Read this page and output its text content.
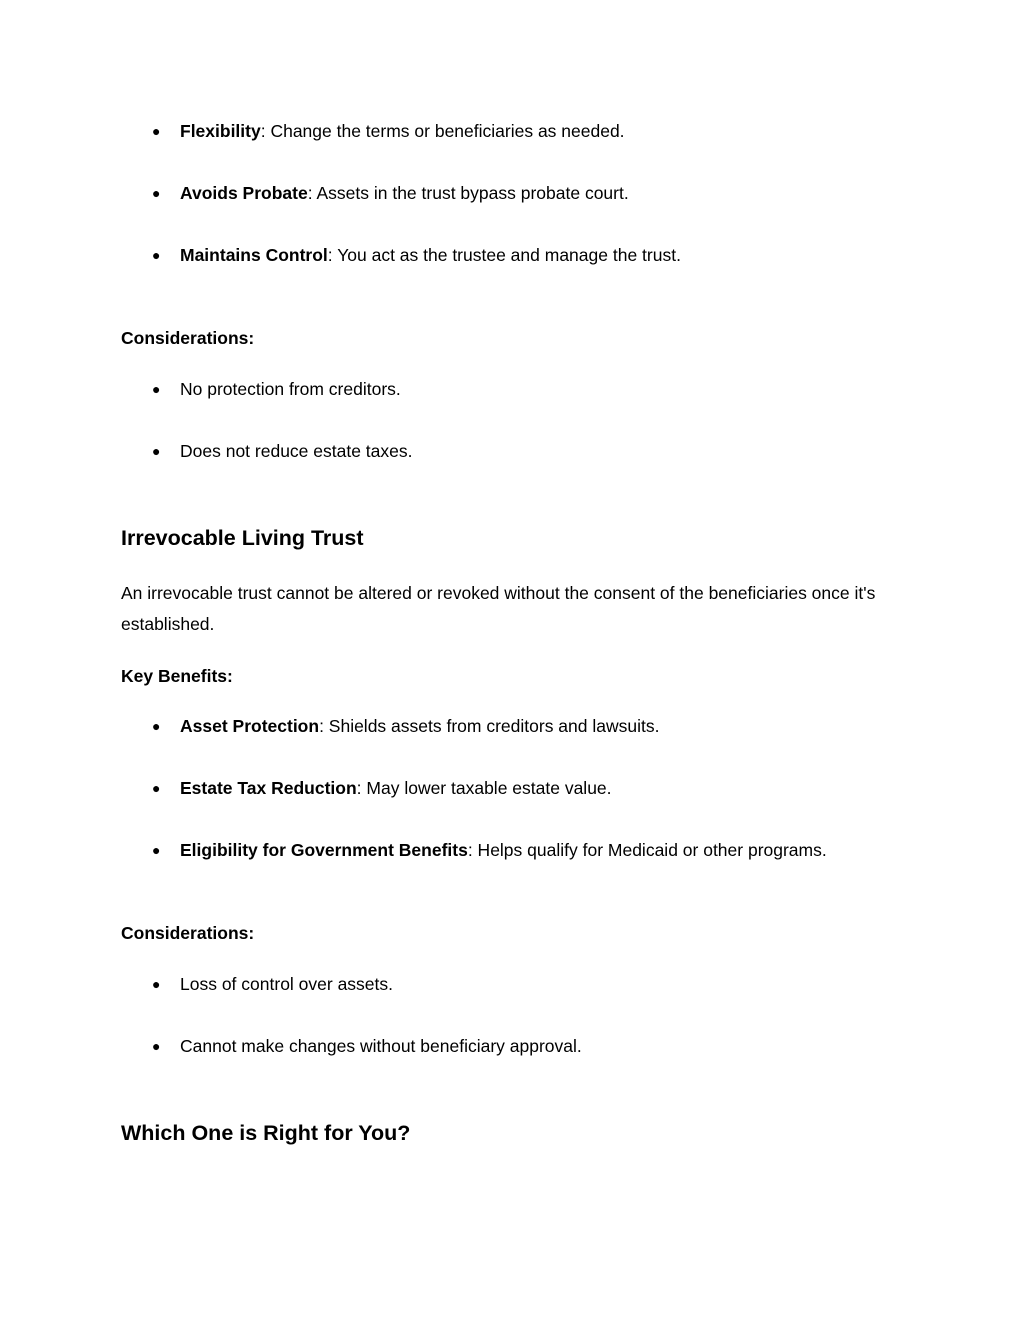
● Flexibility: Change the terms or beneficiaries as needed.
● Avoids Probate: Assets in the trust bypass probate court.
● Maintains Control: You act as the trustee and manage the trust.
Considerations:
● No protection from creditors.
● Does not reduce estate taxes.
Irrevocable Living Trust
An irrevocable trust cannot be altered or revoked without the consent of the beneficiaries once it's established.
Key Benefits:
● Asset Protection: Shields assets from creditors and lawsuits.
● Estate Tax Reduction: May lower taxable estate value.
● Eligibility for Government Benefits: Helps qualify for Medicaid or other programs.
Considerations:
● Loss of control over assets.
● Cannot make changes without beneficiary approval.
Which One is Right for You?
